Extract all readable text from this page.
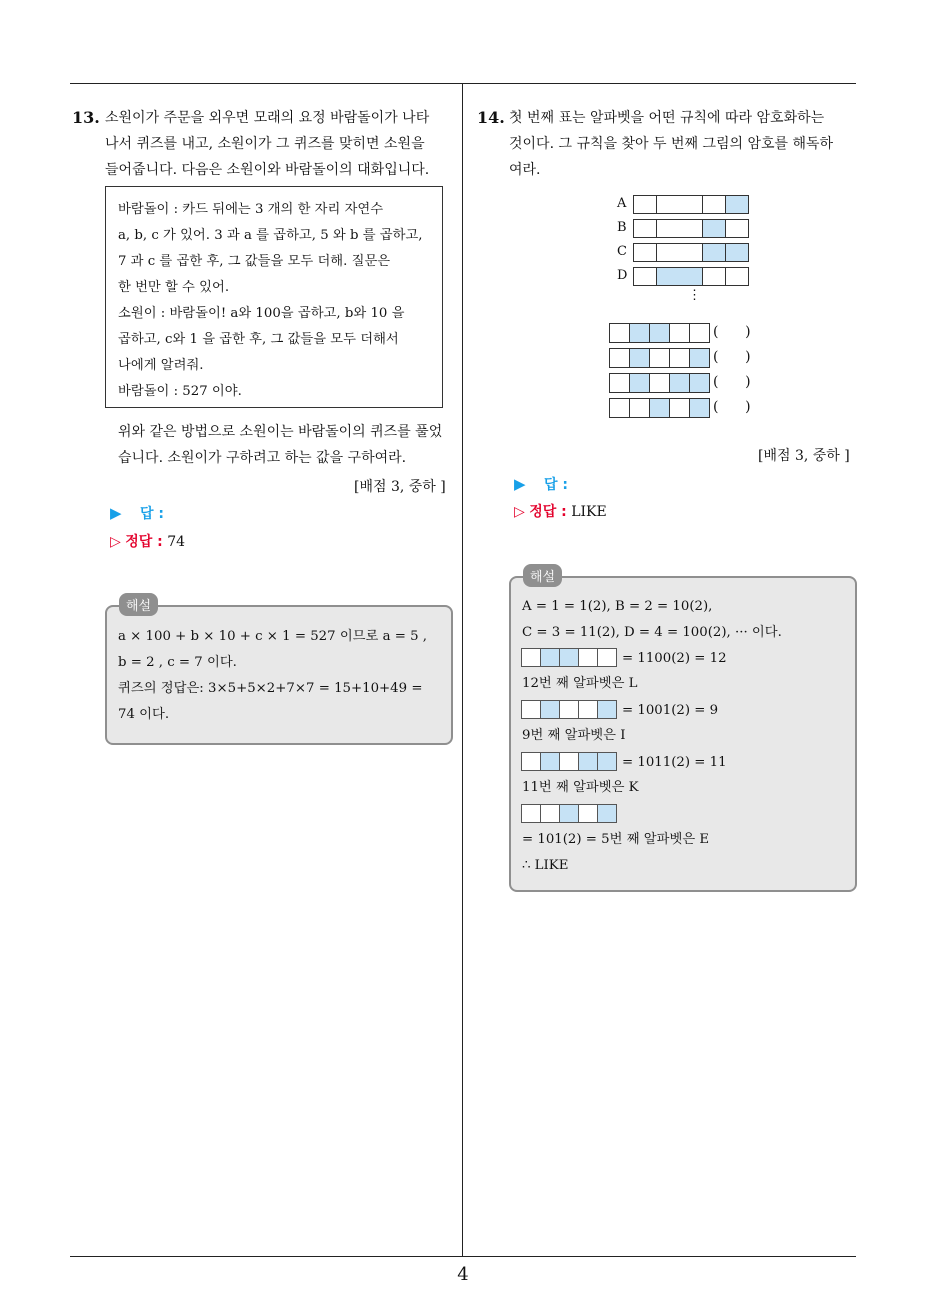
4
13. 소원이가 주문을 외우면 모래의 요정 바람돌이가 나타
나서 퀴즈를 내고, 소원이가 그 퀴즈를 맞히면 소원을
들어줍니다. 다음은 소원이와 바람돌이의 대화입니다.
바람돌이 : 카드 뒤에는 3 개의 한 자리 자연수
a, b, c 가 있어. 3 과 a 를 곱하고, 5 와 b 를 곱하고,
7 과 c 를 곱한 후, 그 값들을 모두 더해. 질문은
한 번만 할 수 있어.
소원이 : 바람돌이! a와 100을 곱하고, b와 10 을
곱하고, c와 1 을 곱한 후, 그 값들을 모두 더해서
나에게 알려줘.
바람돌이 : 527 이야.
위와 같은 방법으로 소원이는 바람돌이의 퀴즈를 풀었
습니다. 소원이가 구하려고 하는 값을 구하여라.
[배점 3, 중하 ]
▶ 답 :
▷ 정답 : 74
해설
a × 100 + b × 10 + c × 1 = 527 이므로 a = 5 ,
b = 2 , c = 7 이다.
퀴즈의 정답은: 3×5+5×2+7×7 = 15+10+49 =
74 이다.
14. 첫 번째 표는 알파벳을 어떤 규칙에 따라 암호화하는
것이다. 그 규칙을 찾아 두 번째 그림의 암호를 해독하
여라.
A
B
C
D
⋮
(      )
(      )
(      )
(      )
[배점 3, 중하 ]
▶ 답 :
▷ 정답 : LIKE
해설
A = 1 = 1(2), B = 2 = 10(2),
C = 3 = 11(2), D = 4 = 100(2), ··· 이다.
= 1100(2) = 12
12번 째 알파벳은 L
= 1001(2) = 9
9번 째 알파벳은 I
= 1011(2) = 11
11번 째 알파벳은 K
= 101(2) = 5번 째 알파벳은 E
∴ LIKE
